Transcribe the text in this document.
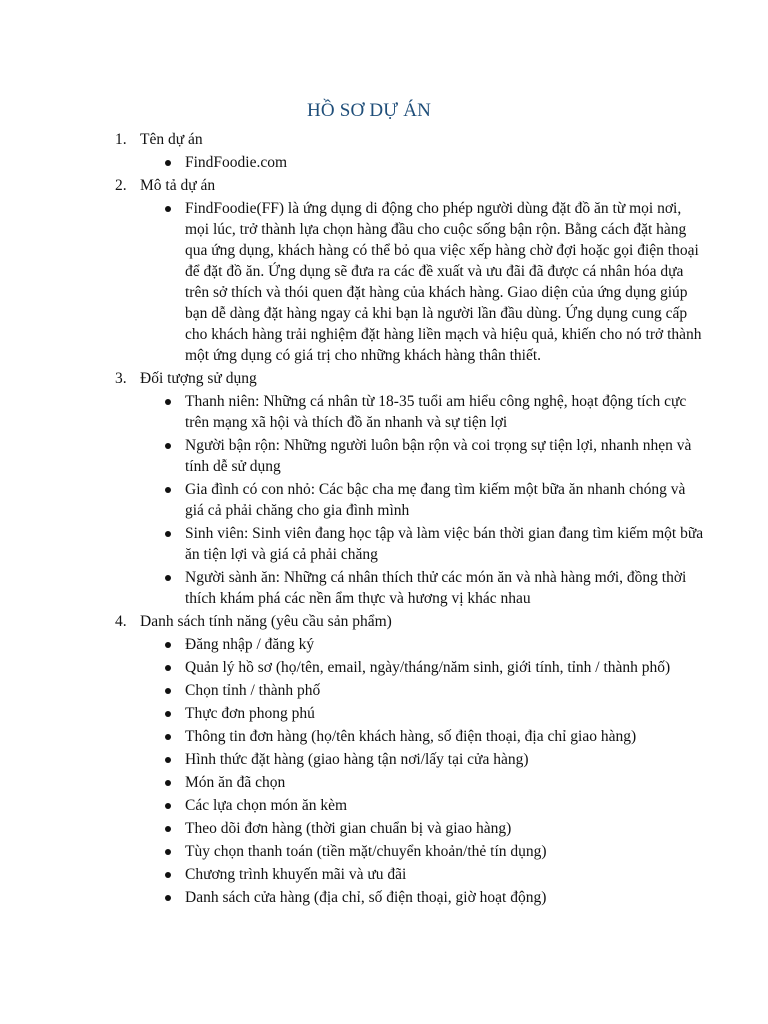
HỒ SƠ DỰ ÁN
1. Tên dự án
FindFoodie.com
2. Mô tả dự án
FindFoodie(FF) là ứng dụng di động cho phép người dùng đặt đồ ăn từ mọi nơi, mọi lúc, trở thành lựa chọn hàng đầu cho cuộc sống bận rộn. Bằng cách đặt hàng qua ứng dụng, khách hàng có thể bỏ qua việc xếp hàng chờ đợi hoặc gọi điện thoại để đặt đồ ăn. Ứng dụng sẽ đưa ra các đề xuất và ưu đãi đã được cá nhân hóa dựa trên sở thích và thói quen đặt hàng của khách hàng. Giao diện của ứng dụng giúp bạn dễ dàng đặt hàng ngay cả khi bạn là người lần đầu dùng. Ứng dụng cung cấp cho khách hàng trải nghiệm đặt hàng liền mạch và hiệu quả, khiến cho nó trở thành một ứng dụng có giá trị cho những khách hàng thân thiết.
3. Đối tượng sử dụng
Thanh niên: Những cá nhân từ 18-35 tuổi am hiểu công nghệ, hoạt động tích cực trên mạng xã hội và thích đồ ăn nhanh và sự tiện lợi
Người bận rộn: Những người luôn bận rộn và coi trọng sự tiện lợi, nhanh nhẹn và tính dễ sử dụng
Gia đình có con nhỏ: Các bậc cha mẹ đang tìm kiếm một bữa ăn nhanh chóng và giá cả phải chăng cho gia đình mình
Sinh viên: Sinh viên đang học tập và làm việc bán thời gian đang tìm kiếm một bữa ăn tiện lợi và giá cả phải chăng
Người sành ăn: Những cá nhân thích thử các món ăn và nhà hàng mới, đồng thời thích khám phá các nền ẩm thực và hương vị khác nhau
4. Danh sách tính năng (yêu cầu sản phẩm)
Đăng nhập / đăng ký
Quản lý hồ sơ (họ/tên, email, ngày/tháng/năm sinh, giới tính, tỉnh / thành phố)
Chọn tỉnh / thành phố
Thực đơn phong phú
Thông tin đơn hàng (họ/tên khách hàng, số điện thoại, địa chỉ giao hàng)
Hình thức đặt hàng (giao hàng tận nơi/lấy tại cửa hàng)
Món ăn đã chọn
Các lựa chọn món ăn kèm
Theo dõi đơn hàng (thời gian chuẩn bị và giao hàng)
Tùy chọn thanh toán (tiền mặt/chuyển khoản/thẻ tín dụng)
Chương trình khuyến mãi và ưu đãi
Danh sách cửa hàng (địa chỉ, số điện thoại, giờ hoạt động)
